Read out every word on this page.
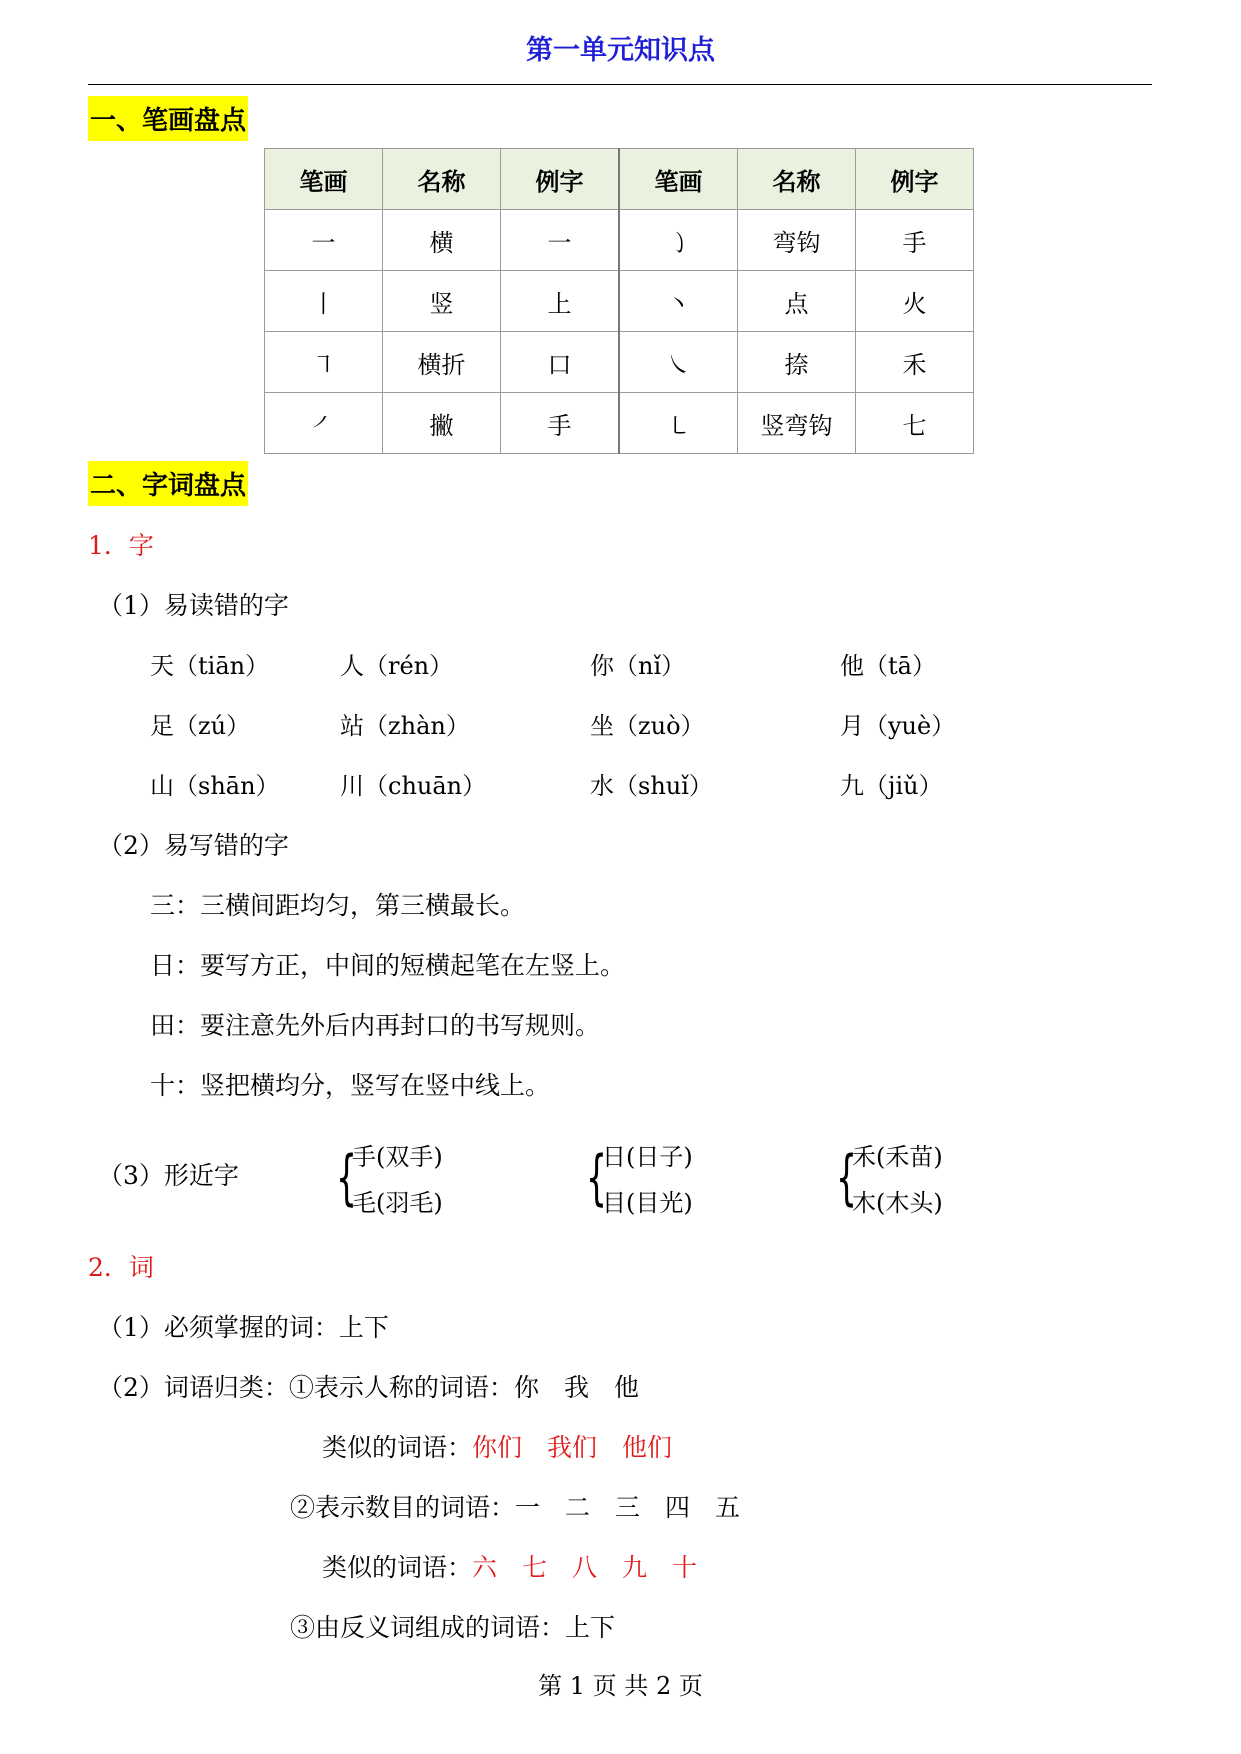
第一单元知识点
一、笔画盘点
笔画	名称	例字	笔画	名称	例字
一	横	一	㇁	弯钩	手
丨	竖	上	丶	点	火
㇕	横折	口	㇏	捺	禾
㇒	撇	手	㇄	竖弯钩	七
二、字词盘点
1．字
（1）易读错的字
天（tiān）	人（rén）	你（nǐ）	他（tā）
足（zú）	站（zhàn）	坐（zuò）	月（yuè）
山（shān）	川（chuān）	水（shuǐ）	九（jiǔ）
（2）易写错的字
三：三横间距均匀，第三横最长。
日：要写方正，中间的短横起笔在左竖上。
田：要注意先外后内再封口的书写规则。
十：竖把横均分，竖写在竖中线上。
（3）形近字 {
手(双手)
毛(羽毛) {
日(日子)
目(目光) {
禾(禾苗)
木(木头)
2．词
（1）必须掌握的词：上下
（2）词语归类：①表示人称的词语：你　我　他
类似的词语：你们　我们　他们
②表示数目的词语：一　二　三　四　五
类似的词语：六　七　八　九　十
③由反义词组成的词语：上下
第 1 页 共 2 页
